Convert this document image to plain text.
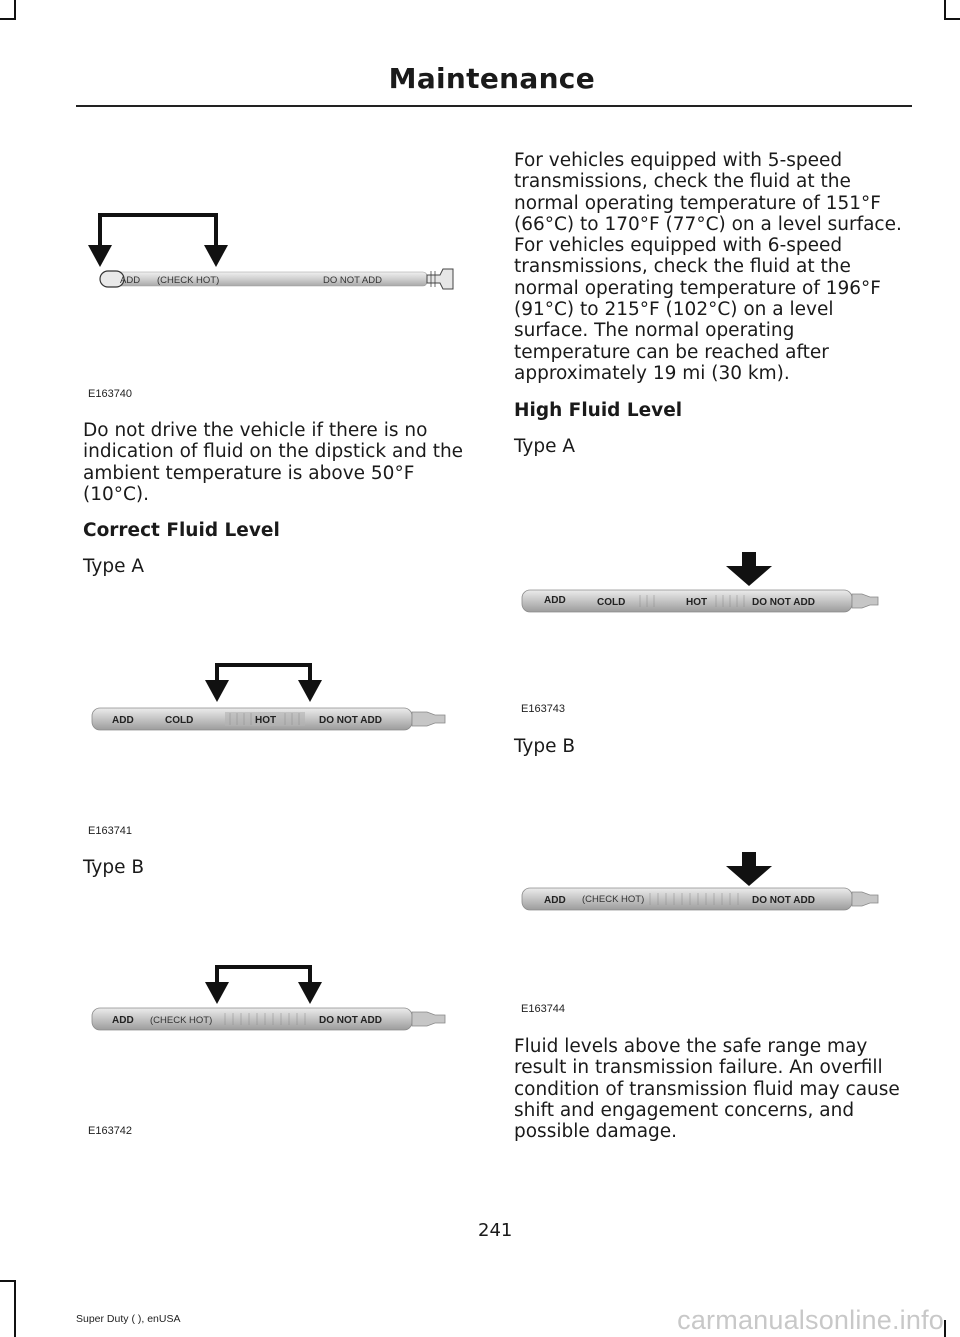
Maintenance
ADD (CHECK HOT)	DO NOT ADD
E163740

Do not drive the vehicle if there is no indication of fluid on the dipstick and the ambient temperature is above 50°F (10°C).

Correct Fluid Level

Type A

ADD	COLD	HOT	DO NOT ADD
E163741

Type B

ADD (CHECK HOT)	DO NOT ADD
E163742

For vehicles equipped with 5-speed transmissions, check the fluid at the normal operating temperature of 151°F (66°C) to 170°F (77°C) on a level surface. For vehicles equipped with 6-speed transmissions, check the fluid at the normal operating temperature of 196°F (91°C) to 215°F (102°C) on a level surface. The normal operating temperature can be reached after approximately 19 mi (30 km).

High Fluid Level

Type A

ADD	COLD	HOT	DO NOT ADD
E163743

Type B

ADD (CHECK HOT)	DO NOT ADD
E163744

Fluid levels above the safe range may result in transmission failure. An overfill condition of transmission fluid may cause shift and engagement concerns, and possible damage.

241
Super Duty ( ), enUSA	carmanualsonline.info
